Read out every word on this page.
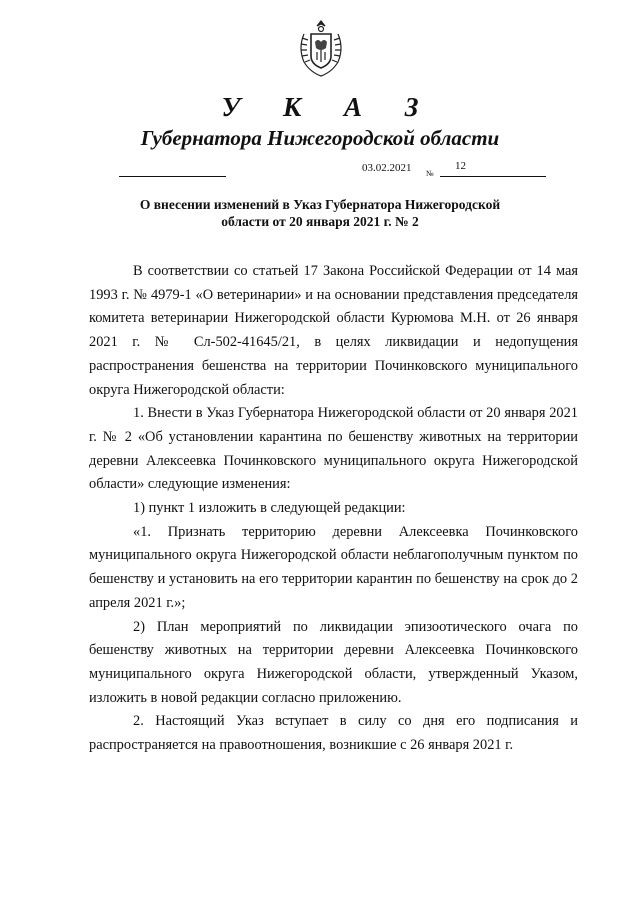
У К А З
Губернатора Нижегородской области
03.02.2021 №
12
О внесении изменений в Указ Губернатора Нижегородской
области от 20 января 2021 г. № 2

В соответствии со статьей 17 Закона Российской Федерации от 14 мая 1993 г. № 4979-1 «О ветеринарии» и на основании представления председателя комитета ветеринарии Нижегородской области Курюмова М.Н. от 26 января 2021 г. № Сл-502-41645/21, в целях ликвидации и недопущения распространения бешенства на территории Починковского муниципального округа Нижегородской области:

1. Внести в Указ Губернатора Нижегородской области от 20 января 2021 г. № 2 «Об установлении карантина по бешенству животных на территории деревни Алексеевка Починковского муниципального округа Нижегородской области» следующие изменения:

1) пункт 1 изложить в следующей редакции:

«1. Признать территорию деревни Алексеевка Починковского муниципального округа Нижегородской области неблагополучным пунктом по бешенству и установить на его территории карантин по бешенству на срок до 2 апреля 2021 г.»;

2) План мероприятий по ликвидации эпизоотического очага по бешенству животных на территории деревни Алексеевка Починковского муниципального округа Нижегородской области, утвержденный Указом, изложить в новой редакции согласно приложению.

2. Настоящий Указ вступает в силу со дня его подписания и распространяется на правоотношения, возникшие с 26 января 2021 г.
